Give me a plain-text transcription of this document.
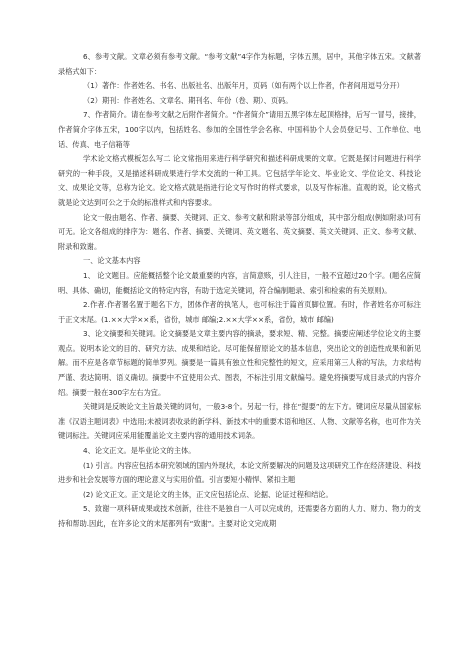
6、参考文献。文章必须有参考文献。“参考文献”4字作为标题，字体五黑，居中，其他字体五宋。文献著录格式如下：

（1）著作：作者姓名、书名、出版社名、出版年月，页码（如有两个以上作者，作者间用逗号分开）

（2）期刊：作者姓名、文章名、期刊名、年份（卷、期）、页码。

7、作者简介。请在参考文献之后附作者简介。“作者简介”请用五黑字体左起顶格排，后写一冒号，接排，作者简介字体五宋，100字以内，包括姓名、参加的全国性学会名称、中国科协个人会员登记号、工作单位、电话、传真、电子信箱等

学术论文格式模板怎么写二 论文常指用来进行科学研究和描述科研成果的文章。它既是探讨问题进行科学研究的一种手段，又是描述科研成果进行学术交流的一种工具。它包括学年论文、毕业论文、学位论文、科技论文、成果论文等，总称为论文。论文格式就是指进行论文写作时的样式要求，以及写作标准。直观的说，论文格式就是论文达到可公之于众的标准样式和内容要求。

论文一般由题名、作者、摘要、关键词、正文、参考文献和附录等部分组成，其中部分组成(例如附录)可有可无。论文各组成的排序为：题名、作者、摘要、关键词、英文题名、英文摘要、英文关键词、正文、参考文献、附录和致谢。

一、论文基本内容

1、 论文题目。应能概括整个论文最重要的内容，言简意赅，引人注目，一般不宜超过20个字。(题名应简明、具体、确切，能概括论文的特定内容，有助于选定关键词，符合编制题录、索引和检索的有关原则)。

2.作者.作者署名置于题名下方，团体作者的执笔人，也可标注于篇首页脚位置。有时，作者姓名亦可标注于正文末尾。(1.××大学××系，省份，城市 邮编;2.××大学××系，省份，城市 邮编)

3、论文摘要和关键词。论文摘要是文章主要内容的摘录，要求短、精、完整。摘要应阐述学位论文的主要观点。说明本论文的目的、研究方法、成果和结论。尽可能保留原论文的基本信息，突出论文的创造性成果和新见解。而不应是各章节标题的简单罗列。摘要是一篇具有独立性和完整性的短文，应采用第三人称的写法，力求结构严谨、表达简明、语义确切。摘要中不宜使用公式、图表，不标注引用文献编号。避免将摘要写成目录式的内容介绍。摘要一般在300字左右为宜。

关键词是反映论文主旨最关键的词句，一般3-8个。另起一行，排在“提要”的左下方。键词应尽量从国家标准《汉语主题词表》中选用;未被词表收录的新学科、新技术中的重要术语和地区、人物、文献等名称，也可作为关键词标注。关键词应采用能覆盖论文主要内容的通用技术词条。

4、论文正文。是毕业论文的主体。

(1) 引言。内容应包括本研究领域的国内外现状，本论文所要解决的问题及这项研究工作在经济建设、科技进步和社会发展等方面的理论意义与实用价值。引言要短小精悍、紧扣主题

(2) 论文正文。正文是论文的主体，正文应包括论点、论据、论证过程和结论。

5、致谢一项科研成果或技术创新，往往不是独自一人可以完成的，还需要各方面的人力、财力、物力的支持和帮助.因此，在许多论文的末尾都列有“致谢”。主要对论文完成期
